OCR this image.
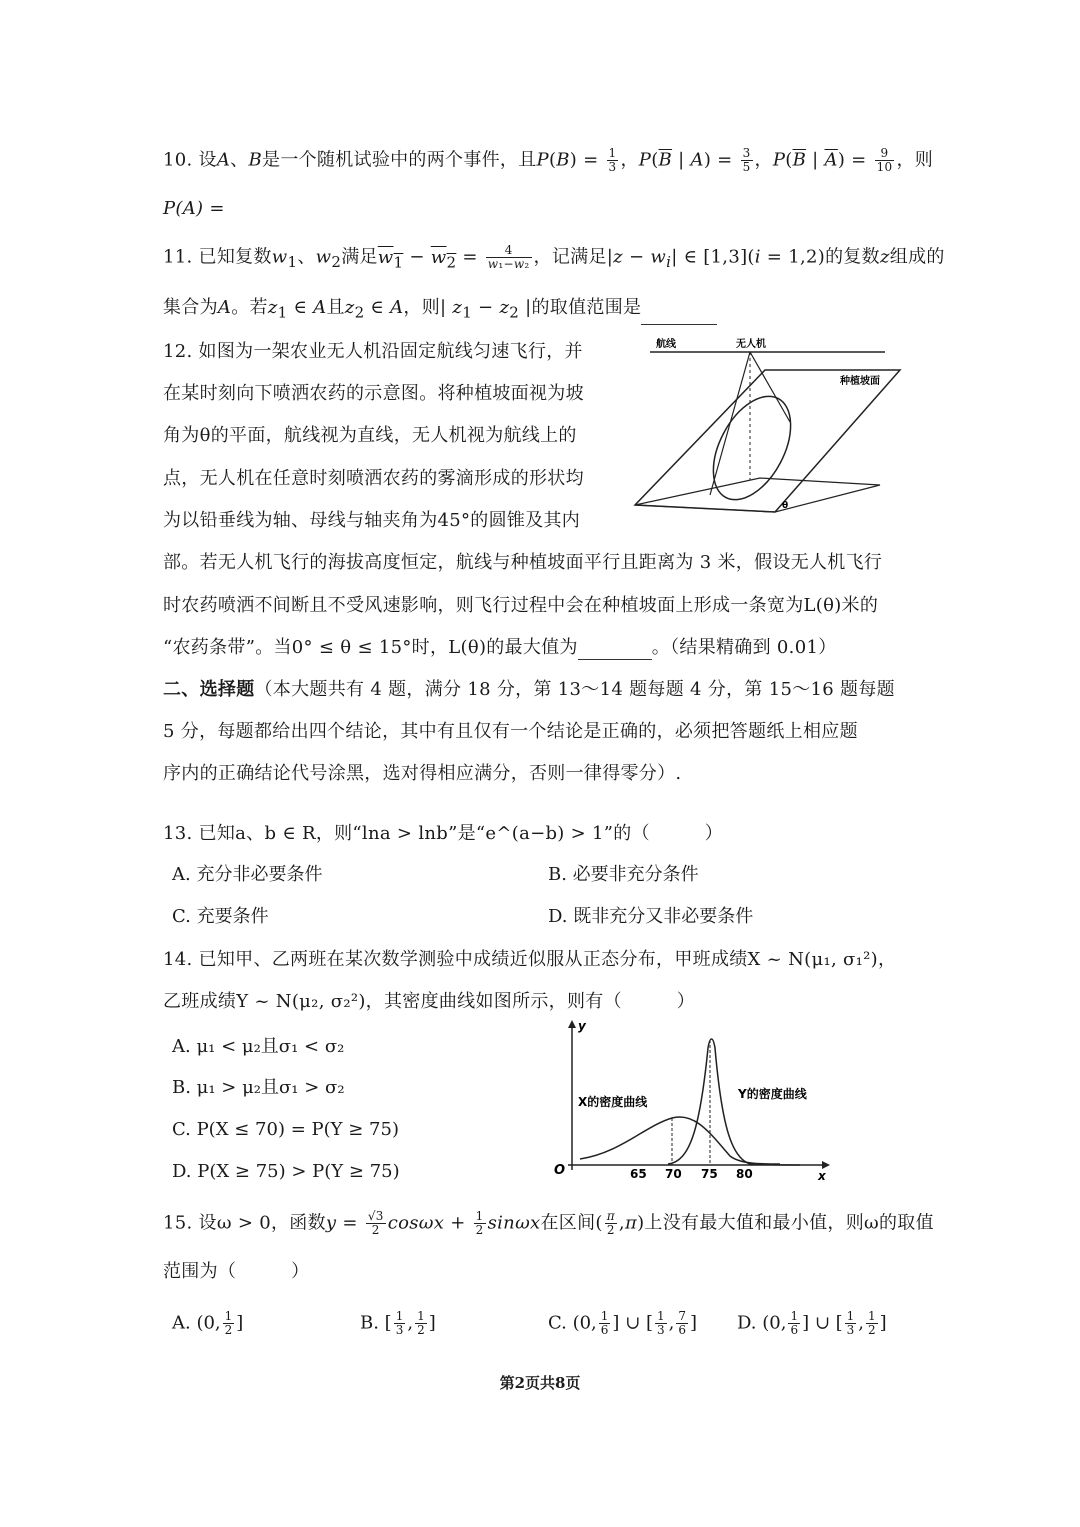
10. 设A、B是一个随机试验中的两个事件，且$P(B) = \frac{1}{3}$ ，$P(\overline{B}$ | $A) = \frac{3}{5}$ ，$P(\overline{B}$ | $\overline{A}) = \frac{9}{10}$ ，则
P(A) =
11. 已知复数$w_1$、$w_2$满足$w_1 - w_2 = \frac{4}{\text{w₁−w₂}}$ ，记满足$|z - w_i|$ ∈ [1,3](i = 1,2)的复数z组成的
集合为A。若$z_1$ ∈ A且$z_2$ ∈ A，则| $z_1 - z_2$ |的取值范围是
12. 如图为一架农业无人机沿固定航线匀速飞行，并
在某时刻向下喷洒农药的示意图。将种植坡面视为坡
角为θ的平面，航线视为直线，无人机视为航线上的
点，无人机在任意时刻喷洒农药的雾滴形成的形状均
为以铅垂线为轴、母线与轴夹角为45°的圆锥及其内
部。若无人机飞行的海拔高度恒定，航线与种植坡面平行且距离为 3 米，假设无人机飞行
时农药喷洒不间断且不受风速影响，则飞行过程中会在种植坡面上形成一条宽为L(θ)米的
“农药条带”。当0° ≤ θ ≤ 15°时，L(θ)的最大值为	。（结果精确到 0.01）
航线	无人机
种植坡面
θ
二、选择题（本大题共有 4 题，满分 18 分，第 13～14 题每题 4 分，第 15～16 题每题
5 分，每题都给出四个结论，其中有且仅有一个结论是正确的，必须把答题纸上相应题
序内的正确结论代号涂黑，选对得相应满分，否则一律得零分）.
13. 已知a、b ∈ R，则“lna > lnb”是“e^(a−b) > 1”的（　　　）
A. 充分非必要条件	B. 必要非充分条件
C. 充要条件	D. 既非充分又非必要条件
14. 已知甲、乙两班在某次数学测验中成绩近似服从正态分布，甲班成绩X ~ N(μ₁, σ₁²)，
乙班成绩Y ~ N(μ₂, σ₂²)，其密度曲线如图所示，则有（　　　）
A. μ₁ < μ₂且σ₁ < σ₂
B. μ₁ > μ₂且σ₁ > σ₂
C. P(X ≤ 70) = P(Y ≥ 75)
D. P(X ≥ 75) > P(Y ≥ 75)
y
x
O
X的密度曲线
Y的密度曲线
65 70 75 80
15. 设ω > 0，函数$y = \frac{√3}{2}$ $\cos\omega x + \frac{1}{2}$ sinωx在区间( $\frac{\pi}{2} ,\pi$)上没有最大值和最小值，则ω的取值
范围为（　　　）
A. (0, $\frac{1}{2}$ ]	B. [ $\frac{1}{3}$ , $\frac{1}{2}$ ]	C. (0, $\frac{1}{6}$ ] ∪ [ $\frac{1}{3}$ , $\frac{7}{6}$ ] D. (0, $\frac{1}{6}$ ] ∪ [ $\frac{1}{3}$ , $\frac{1}{2}$ ]
第2页共8页
